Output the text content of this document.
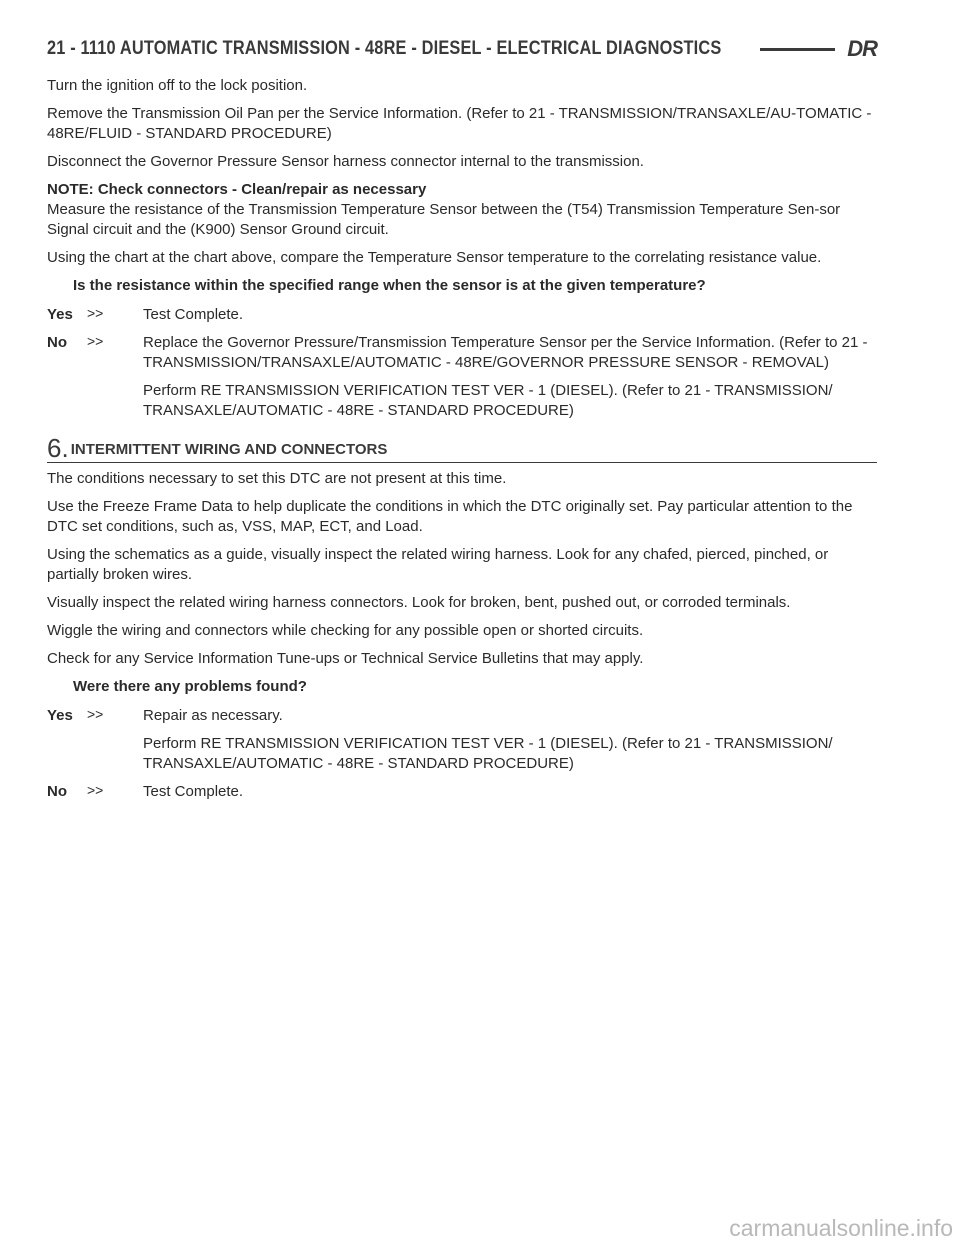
21 - 1110 AUTOMATIC TRANSMISSION - 48RE - DIESEL - ELECTRICAL DIAGNOSTICS	DR

Turn the ignition off to the lock position.

Remove the Transmission Oil Pan per the Service Information. (Refer to 21 - TRANSMISSION/TRANSAXLE/AU-TOMATIC - 48RE/FLUID - STANDARD PROCEDURE)

Disconnect the Governor Pressure Sensor harness connector internal to the transmission.

NOTE: Check connectors - Clean/repair as necessary

Measure the resistance of the Transmission Temperature Sensor between the (T54) Transmission Temperature Sen-sor Signal circuit and the (K900) Sensor Ground circuit.

Using the chart at the chart above, compare the Temperature Sensor temperature to the correlating resistance value.

Is the resistance within the specified range when the sensor is at the given temperature?

Yes	>>	Test Complete.

No	>>	Replace the Governor Pressure/Transmission Temperature Sensor per the Service Information. (Refer to 21 - TRANSMISSION/TRANSAXLE/AUTOMATIC - 48RE/GOVERNOR PRESSURE SENSOR - REMOVAL)

Perform RE TRANSMISSION VERIFICATION TEST VER - 1 (DIESEL). (Refer to 21 - TRANSMISSION/ TRANSAXLE/AUTOMATIC - 48RE - STANDARD PROCEDURE)

6. INTERMITTENT WIRING AND CONNECTORS

The conditions necessary to set this DTC are not present at this time.

Use the Freeze Frame Data to help duplicate the conditions in which the DTC originally set. Pay particular attention to the DTC set conditions, such as, VSS, MAP, ECT, and Load.

Using the schematics as a guide, visually inspect the related wiring harness. Look for any chafed, pierced, pinched, or partially broken wires.

Visually inspect the related wiring harness connectors. Look for broken, bent, pushed out, or corroded terminals.

Wiggle the wiring and connectors while checking for any possible open or shorted circuits.

Check for any Service Information Tune-ups or Technical Service Bulletins that may apply.

Were there any problems found?

Yes	>>	Repair as necessary.

Perform RE TRANSMISSION VERIFICATION TEST VER - 1 (DIESEL). (Refer to 21 - TRANSMISSION/ TRANSAXLE/AUTOMATIC - 48RE - STANDARD PROCEDURE)

No	>>	Test Complete.

carmanualsonline.info
